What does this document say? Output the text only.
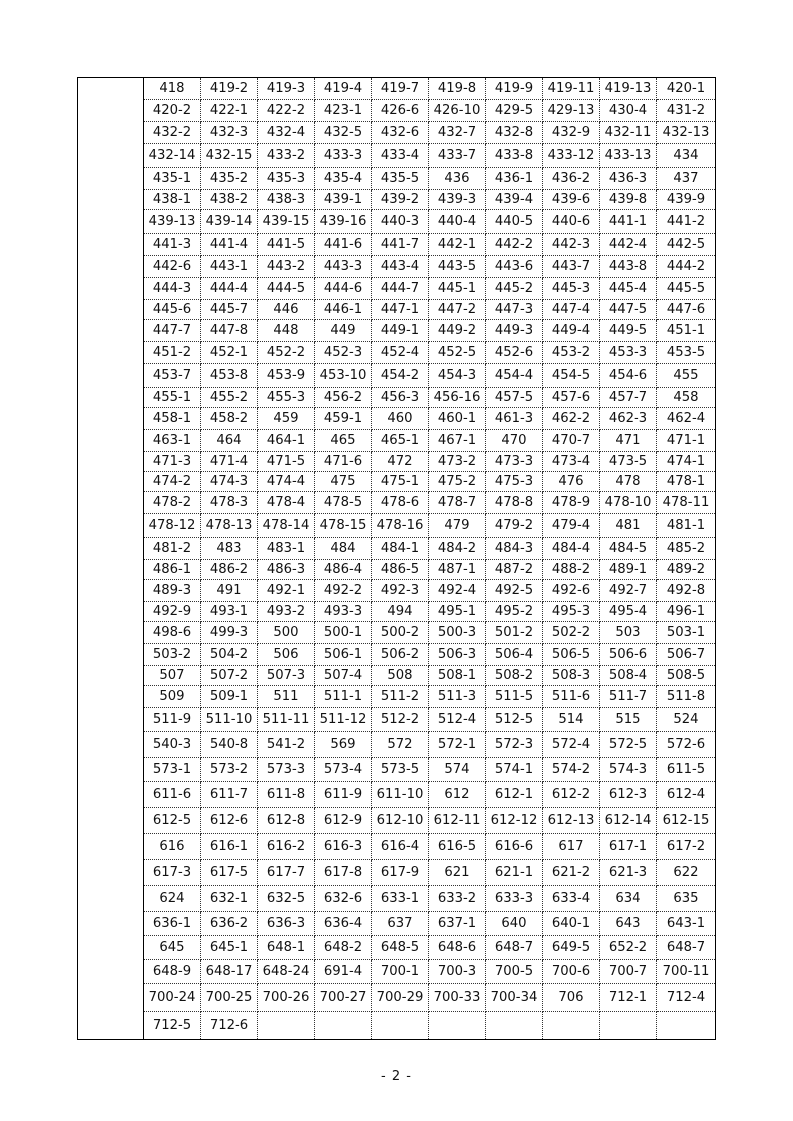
	418	419-2	419-3	419-4	419-7	419-8	419-9	419-11	419-13	420-1
	420-2	422-1	422-2	423-1	426-6	426-10	429-5	429-13	430-4	431-2
	432-2	432-3	432-4	432-5	432-6	432-7	432-8	432-9	432-11	432-13
	432-14	432-15	433-2	433-3	433-4	433-7	433-8	433-12	433-13	434
	435-1	435-2	435-3	435-4	435-5	436	436-1	436-2	436-3	437
	438-1	438-2	438-3	439-1	439-2	439-3	439-4	439-6	439-8	439-9
	439-13	439-14	439-15	439-16	440-3	440-4	440-5	440-6	441-1	441-2
	441-3	441-4	441-5	441-6	441-7	442-1	442-2	442-3	442-4	442-5
	442-6	443-1	443-2	443-3	443-4	443-5	443-6	443-7	443-8	444-2
	444-3	444-4	444-5	444-6	444-7	445-1	445-2	445-3	445-4	445-5
	445-6	445-7	446	446-1	447-1	447-2	447-3	447-4	447-5	447-6
	447-7	447-8	448	449	449-1	449-2	449-3	449-4	449-5	451-1
	451-2	452-1	452-2	452-3	452-4	452-5	452-6	453-2	453-3	453-5
	453-7	453-8	453-9	453-10	454-2	454-3	454-4	454-5	454-6	455
	455-1	455-2	455-3	456-2	456-3	456-16	457-5	457-6	457-7	458
	458-1	458-2	459	459-1	460	460-1	461-3	462-2	462-3	462-4
	463-1	464	464-1	465	465-1	467-1	470	470-7	471	471-1
	471-3	471-4	471-5	471-6	472	473-2	473-3	473-4	473-5	474-1
	474-2	474-3	474-4	475	475-1	475-2	475-3	476	478	478-1
	478-2	478-3	478-4	478-5	478-6	478-7	478-8	478-9	478-10	478-11
	478-12	478-13	478-14	478-15	478-16	479	479-2	479-4	481	481-1
	481-2	483	483-1	484	484-1	484-2	484-3	484-4	484-5	485-2
	486-1	486-2	486-3	486-4	486-5	487-1	487-2	488-2	489-1	489-2
	489-3	491	492-1	492-2	492-3	492-4	492-5	492-6	492-7	492-8
	492-9	493-1	493-2	493-3	494	495-1	495-2	495-3	495-4	496-1
	498-6	499-3	500	500-1	500-2	500-3	501-2	502-2	503	503-1
	503-2	504-2	506	506-1	506-2	506-3	506-4	506-5	506-6	506-7
	507	507-2	507-3	507-4	508	508-1	508-2	508-3	508-4	508-5
	509	509-1	511	511-1	511-2	511-3	511-5	511-6	511-7	511-8
	511-9	511-10	511-11	511-12	512-2	512-4	512-5	514	515	524
	540-3	540-8	541-2	569	572	572-1	572-3	572-4	572-5	572-6
	573-1	573-2	573-3	573-4	573-5	574	574-1	574-2	574-3	611-5
	611-6	611-7	611-8	611-9	611-10	612	612-1	612-2	612-3	612-4
	612-5	612-6	612-8	612-9	612-10	612-11	612-12	612-13	612-14	612-15
	616	616-1	616-2	616-3	616-4	616-5	616-6	617	617-1	617-2
	617-3	617-5	617-7	617-8	617-9	621	621-1	621-2	621-3	622
	624	632-1	632-5	632-6	633-1	633-2	633-3	633-4	634	635
	636-1	636-2	636-3	636-4	637	637-1	640	640-1	643	643-1
	645	645-1	648-1	648-2	648-5	648-6	648-7	649-5	652-2	648-7
	648-9	648-17	648-24	691-4	700-1	700-3	700-5	700-6	700-7	700-11
	700-24	700-25	700-26	700-27	700-29	700-33	700-34	706	712-1	712-4
	712-5	712-6								
- 2 -
